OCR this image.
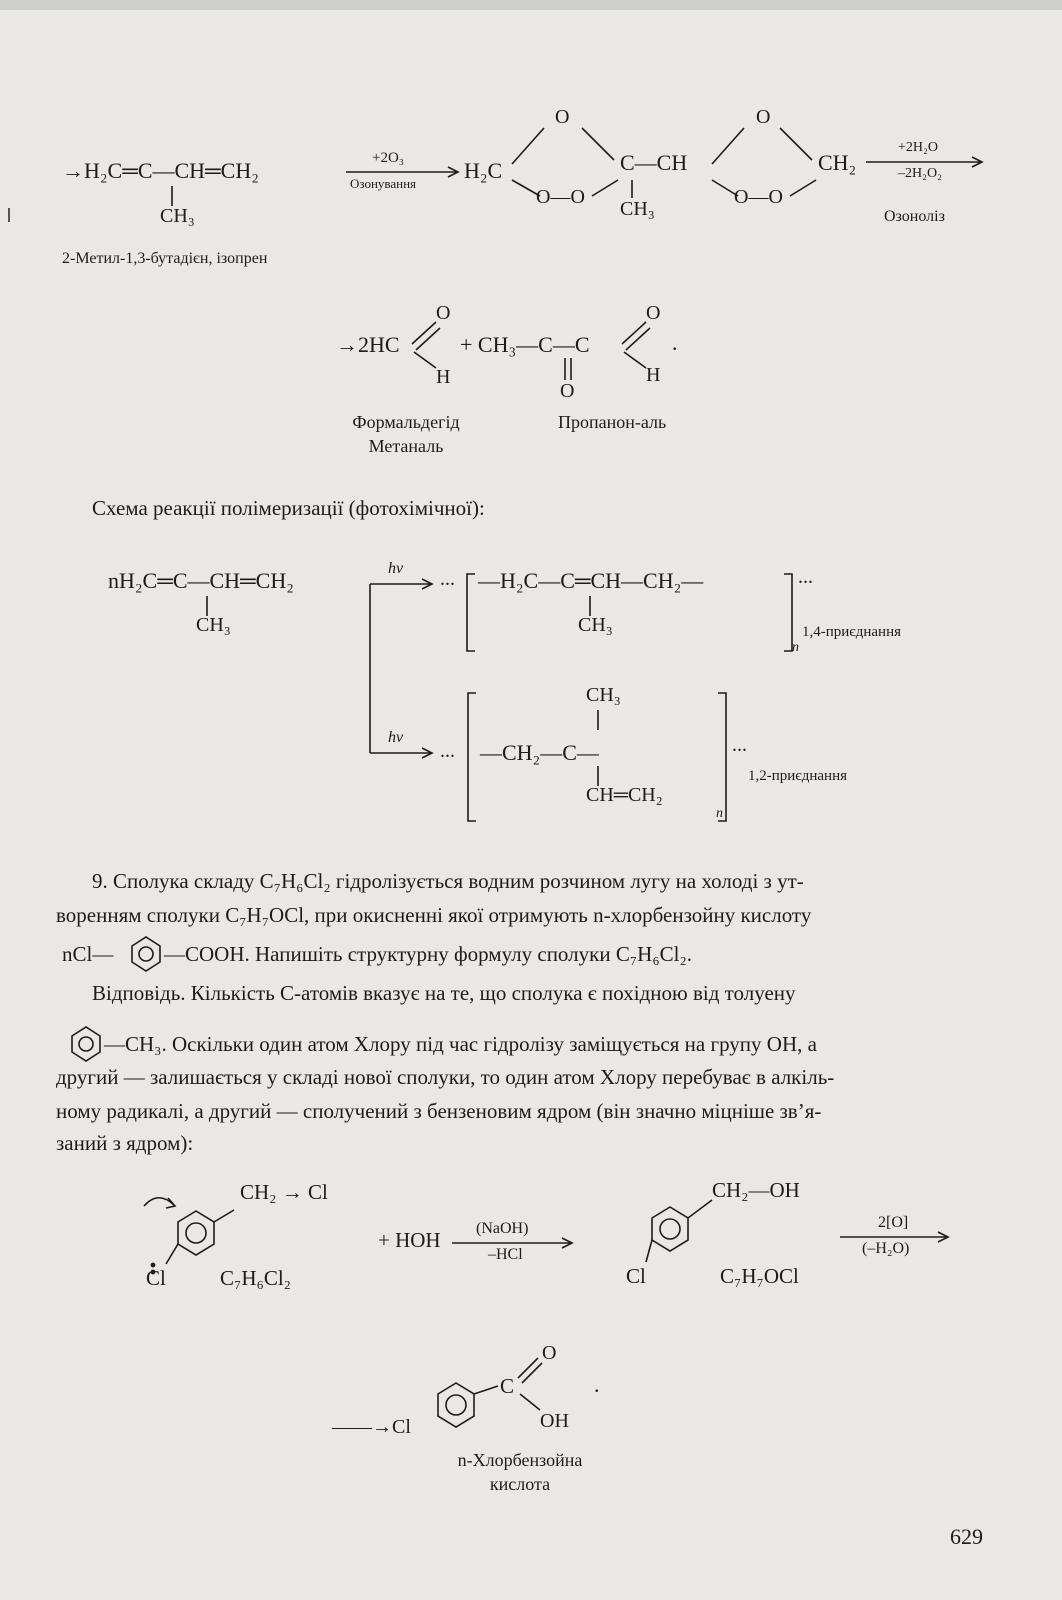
→H₂C═C—CH═CH₂
CH₃
2-Метил-1,3-бутадієн, ізопрен
+2O₃
Озонування
H₂C
O
O—O
C—CH
CH₃
O
O—O
CH₂
+2H₂O
–2H₂O₂
Озоноліз
→2HC
O
H
+ CH₃—C—C
O
O
H
.
Формальдегід
Метаналь
Пропанон-аль
Схема реакції полімеризації (фотохімічної):
nH₂C═C—CH═CH₂
CH₃
hν ... —H₂C—C═CH—CH₂—
CH₃
...
n
1,4-приєднання
hν
...
CH₃
—CH₂—C—
CH═CH₂
...
n
1,2-приєднання
9. Сполука складу C₇H₆Cl₂ гідролізується водним розчином лугу на холоді з ут-
воренням сполуки C₇H₇OCl, при окисненні якої отримують n-хлорбензойну кислоту
nCl— —COOH. Напишіть структурну формулу сполуки C₇H₆Cl₂.
Відповідь. Кількість С-атомів вказує на те, що сполука є похідною від толуену
—CH₃. Оскільки один атом Хлору під час гідролізу заміщується на групу ОН, а
другий — залишається у складі нової сполуки, то один атом Хлору перебуває в алкіль-
ному радикалі, а другий — сполучений з бензеновим ядром (він значно міцніше зв’я-
заний з ядром):
CH₂ → Cl
Cl	C₇H₆Cl₂
+ HOH (NaOH)
–HCl
CH₂—OH
Cl	C₇H₇OCl
2[O]
(–H₂O)
——→Cl
C
O
OH
.
n-Хлорбензойна
кислота
629
